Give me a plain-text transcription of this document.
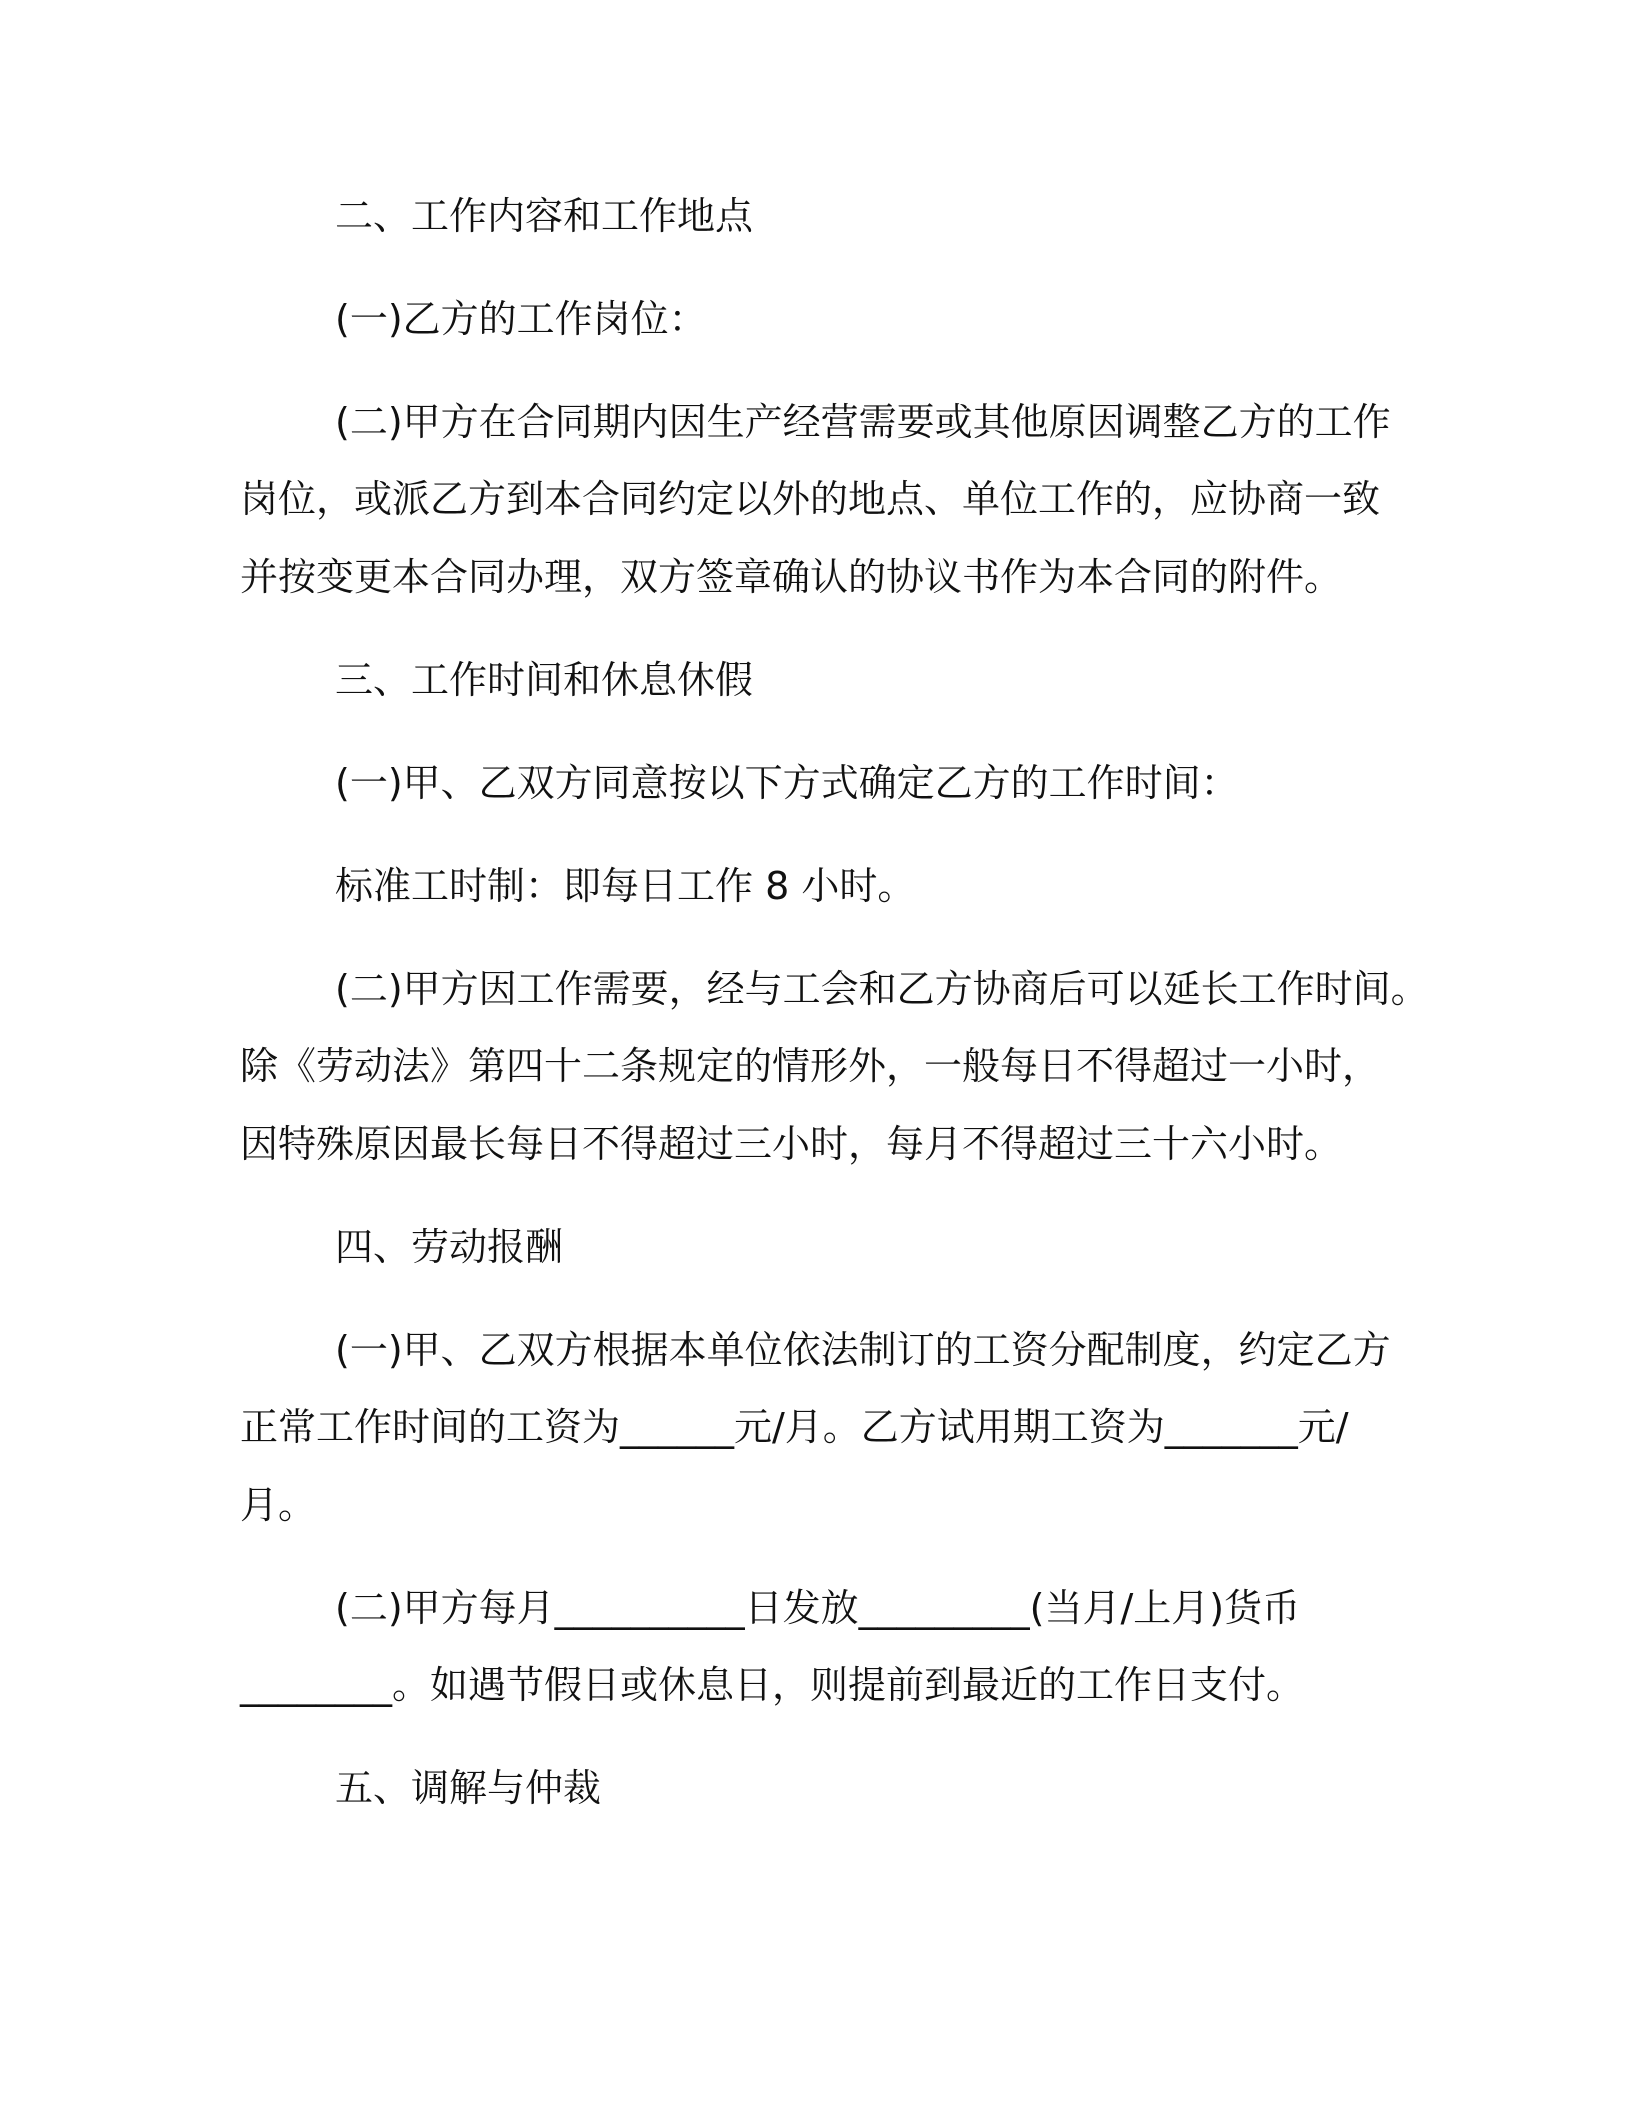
二、工作内容和工作地点
(一)乙方的工作岗位：
(二)甲方在合同期内因生产经营需要或其他原因调整乙方的工作
岗位，或派乙方到本合同约定以外的地点、单位工作的，应协商一致
并按变更本合同办理，双方签章确认的协议书作为本合同的附件。
三、工作时间和休息休假
(一)甲、乙双方同意按以下方式确定乙方的工作时间：
标准工时制：即每日工作 8 小时。
(二)甲方因工作需要，经与工会和乙方协商后可以延长工作时间。
除《劳动法》第四十二条规定的情形外，一般每日不得超过一小时，
因特殊原因最长每日不得超过三小时，每月不得超过三十六小时。
四、劳动报酬
(一)甲、乙双方根据本单位依法制订的工资分配制度，约定乙方
正常工作时间的工资为______元/月。乙方试用期工资为_______元/
月。
(二)甲方每月__________日发放_________(当月/上月)货币
________。如遇节假日或休息日，则提前到最近的工作日支付。
五、调解与仲裁
